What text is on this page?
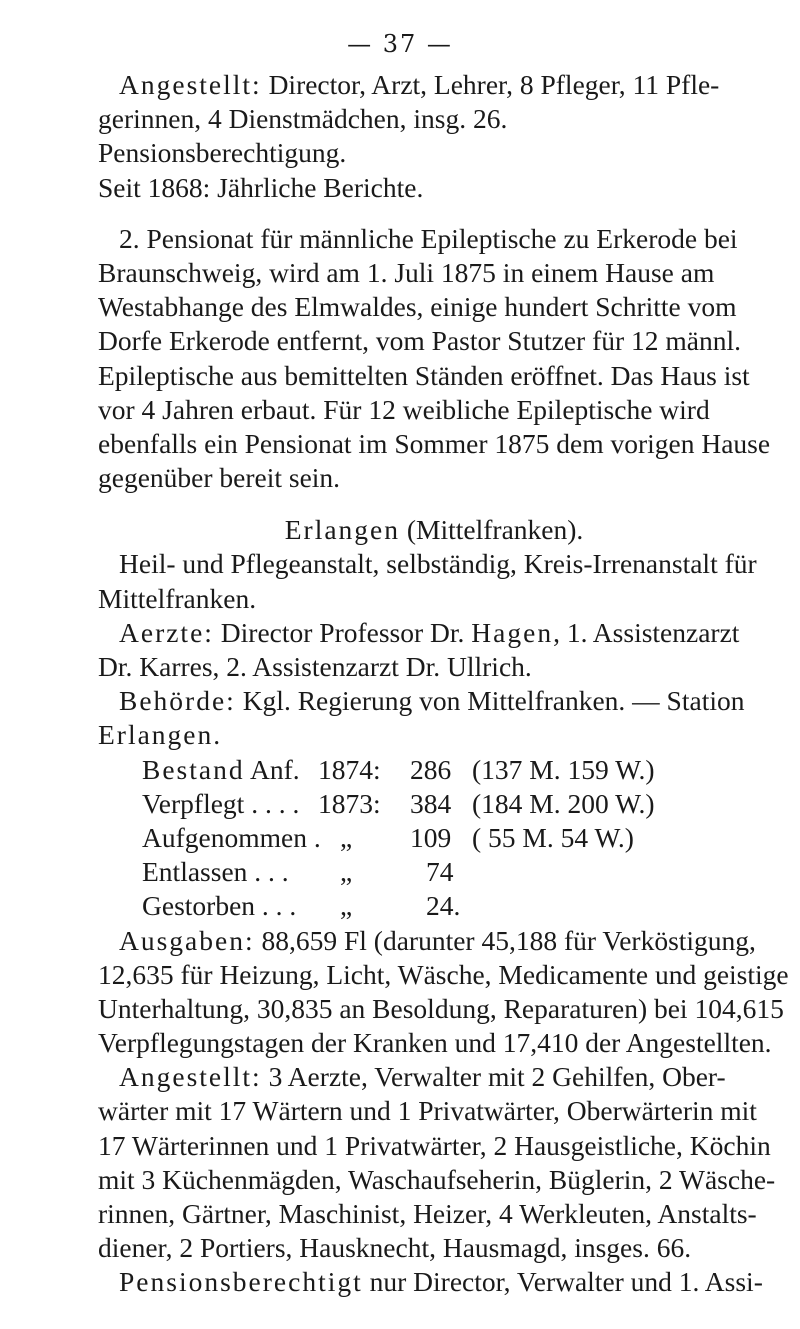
— 37 —
Angestellt: Director, Arzt, Lehrer, 8 Pfleger, 11 Pfle-
gerinnen, 4 Dienstmädchen, insg. 26.
Pensionsberechtigung.
Seit 1868: Jährliche Berichte.
2. Pensionat für männliche Epileptische zu Erkerode bei
Braunschweig, wird am 1. Juli 1875 in einem Hause am
Westabhange des Elmwaldes, einige hundert Schritte vom
Dorfe Erkerode entfernt, vom Pastor Stutzer für 12 männl.
Epileptische aus bemittelten Ständen eröffnet. Das Haus ist
vor 4 Jahren erbaut. Für 12 weibliche Epileptische wird
ebenfalls ein Pensionat im Sommer 1875 dem vorigen Hause
gegenüber bereit sein.
Erlangen (Mittelfranken).
Heil- und Pflegeanstalt, selbständig, Kreis-Irrenanstalt für
Mittelfranken.
Aerzte: Director Professor Dr. Hagen, 1. Assistenzarzt
Dr. Karres, 2. Assistenzarzt Dr. Ullrich.
Behörde: Kgl. Regierung von Mittelfranken. — Station
Erlangen.
Bestand Anf. 1874:	286 (137 M. 159 W.)
Verpflegt . . . . 1873:	384 (184 M. 200 W.)
Aufgenommen . „	109 ( 55 M. 54 W.)
Entlassen . . .	„	74
Gestorben . . .	„	24.
Ausgaben: 88,659 Fl (darunter 45,188 für Verköstigung,
12,635 für Heizung, Licht, Wäsche, Medicamente und geistige
Unterhaltung, 30,835 an Besoldung, Reparaturen) bei 104,615
Verpflegungstagen der Kranken und 17,410 der Angestellten.
Angestellt: 3 Aerzte, Verwalter mit 2 Gehilfen, Ober-
wärter mit 17 Wärtern und 1 Privatwärter, Oberwärterin mit
17 Wärterinnen und 1 Privatwärter, 2 Hausgeistliche, Köchin
mit 3 Küchenmägden, Waschaufseherin, Büglerin, 2 Wäsche-
rinnen, Gärtner, Maschinist, Heizer, 4 Werkleuten, Anstalts-
diener, 2 Portiers, Hausknecht, Hausmagd, insges. 66.
Pensionsberechtigt nur Director, Verwalter und 1. Assi-
